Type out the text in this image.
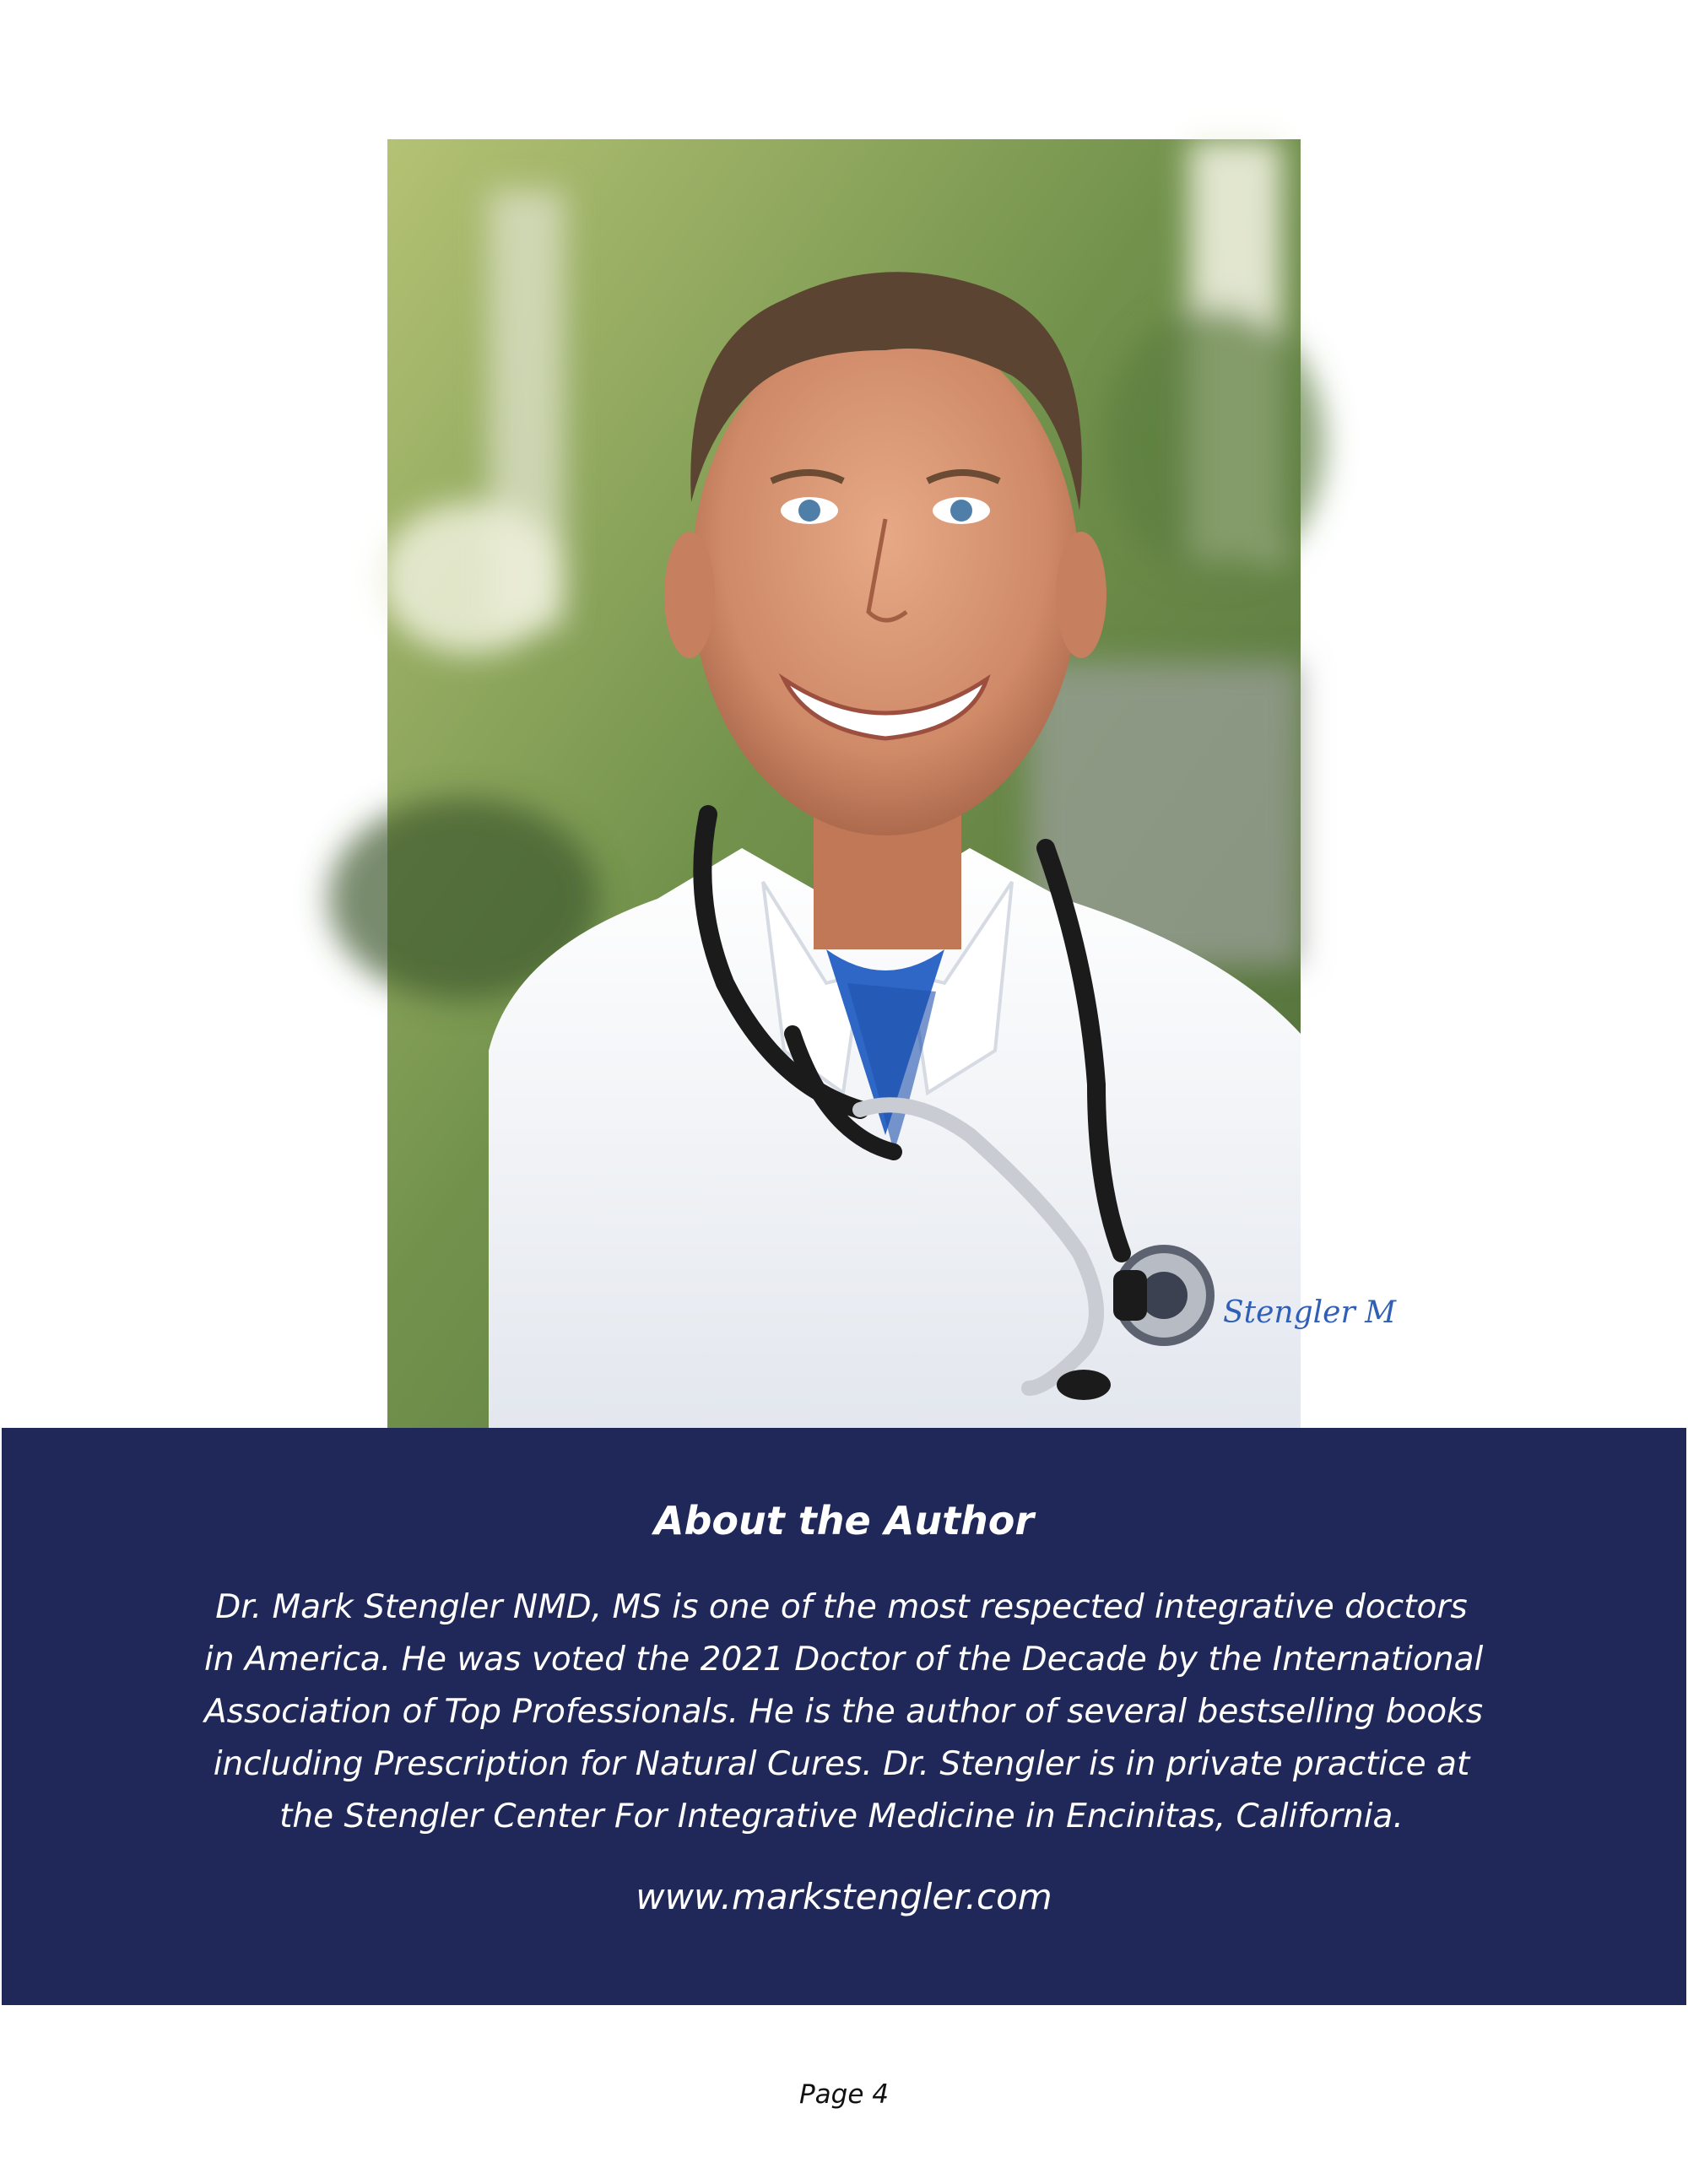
Stengler M
About the Author

Dr. Mark Stengler NMD, MS is one of the most respected integrative doctors
in America. He was voted the 2021 Doctor of the Decade by the International
Association of Top Professionals. He is the author of several bestselling books
including Prescription for Natural Cures. Dr. Stengler is in private practice at
the Stengler Center For Integrative Medicine in Encinitas, California.

www.markstengler.com

Page 4
